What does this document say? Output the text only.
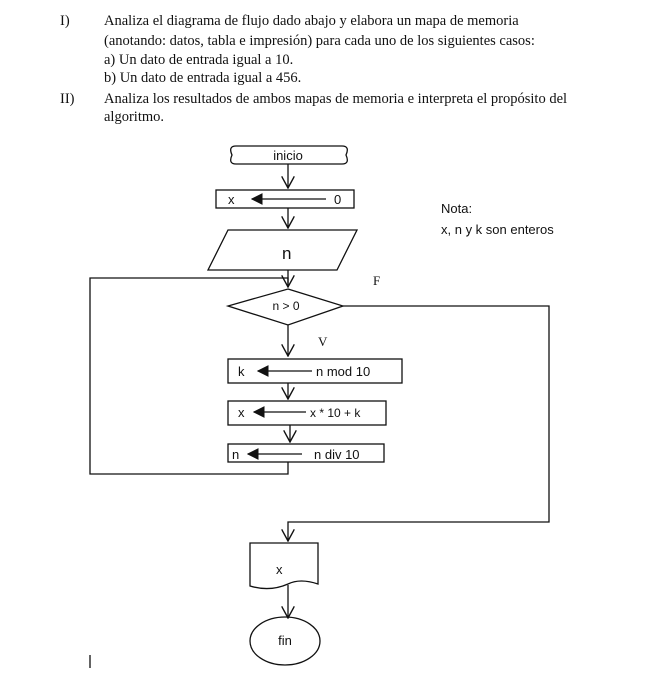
I) Analiza el diagrama de flujo dado abajo y elabora un mapa de memoria
(anotando: datos, tabla e impresión) para cada uno de los siguientes casos:
a) Un dato de entrada igual a 10.
b) Un dato de entrada igual a 456.
II) Analiza los resultados de ambos mapas de memoria e interpreta el propósito del
algoritmo.
inicio
x	0
n
n > 0
V
F
k	n mod 10
x	x * 10 + k
n	n div 10
x
fin
Nota:
x, n y k son enteros
